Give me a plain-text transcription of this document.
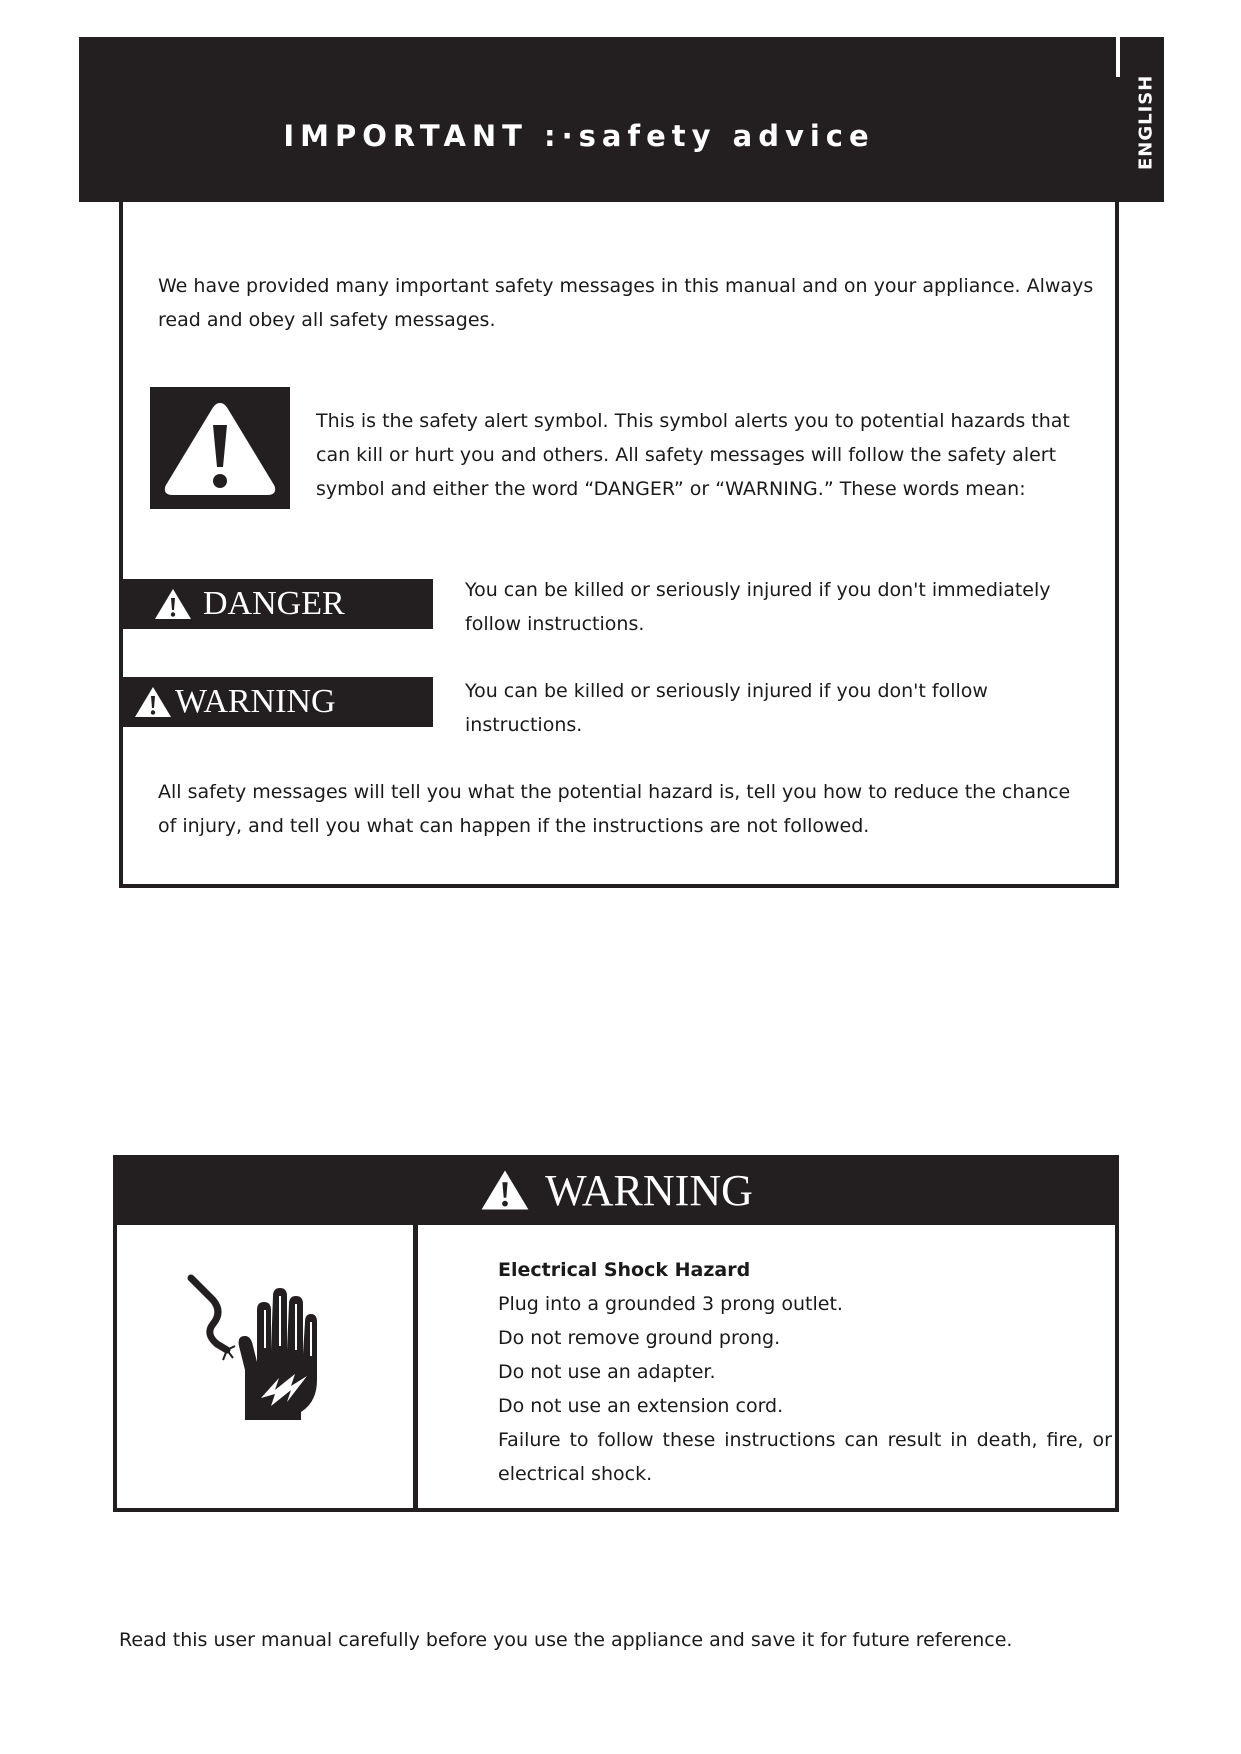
IMPORTANT :·safety advice	ENGLISH
We have provided many important safety messages in this manual and on your appliance. Always read and obey all safety messages.
This is the safety alert symbol. This symbol alerts you to potential hazards that can kill or hurt you and others. All safety messages will follow the safety alert symbol and either the word “DANGER” or “WARNING.” These words mean:
DANGER	You can be killed or seriously injured if you don't immediately follow instructions.
WARNING	You can be killed or seriously injured if you don't follow instructions.
All safety messages will tell you what the potential hazard is, tell you how to reduce the chance of injury, and tell you what can happen if the instructions are not followed.
WARNING
Electrical Shock Hazard
Plug into a grounded 3 prong outlet.
Do not remove ground prong.
Do not use an adapter.
Do not use an extension cord.
Failure to follow these instructions can result in death, fire, or
electrical shock.
Read this user manual carefully before you use the appliance and save it for future reference.
